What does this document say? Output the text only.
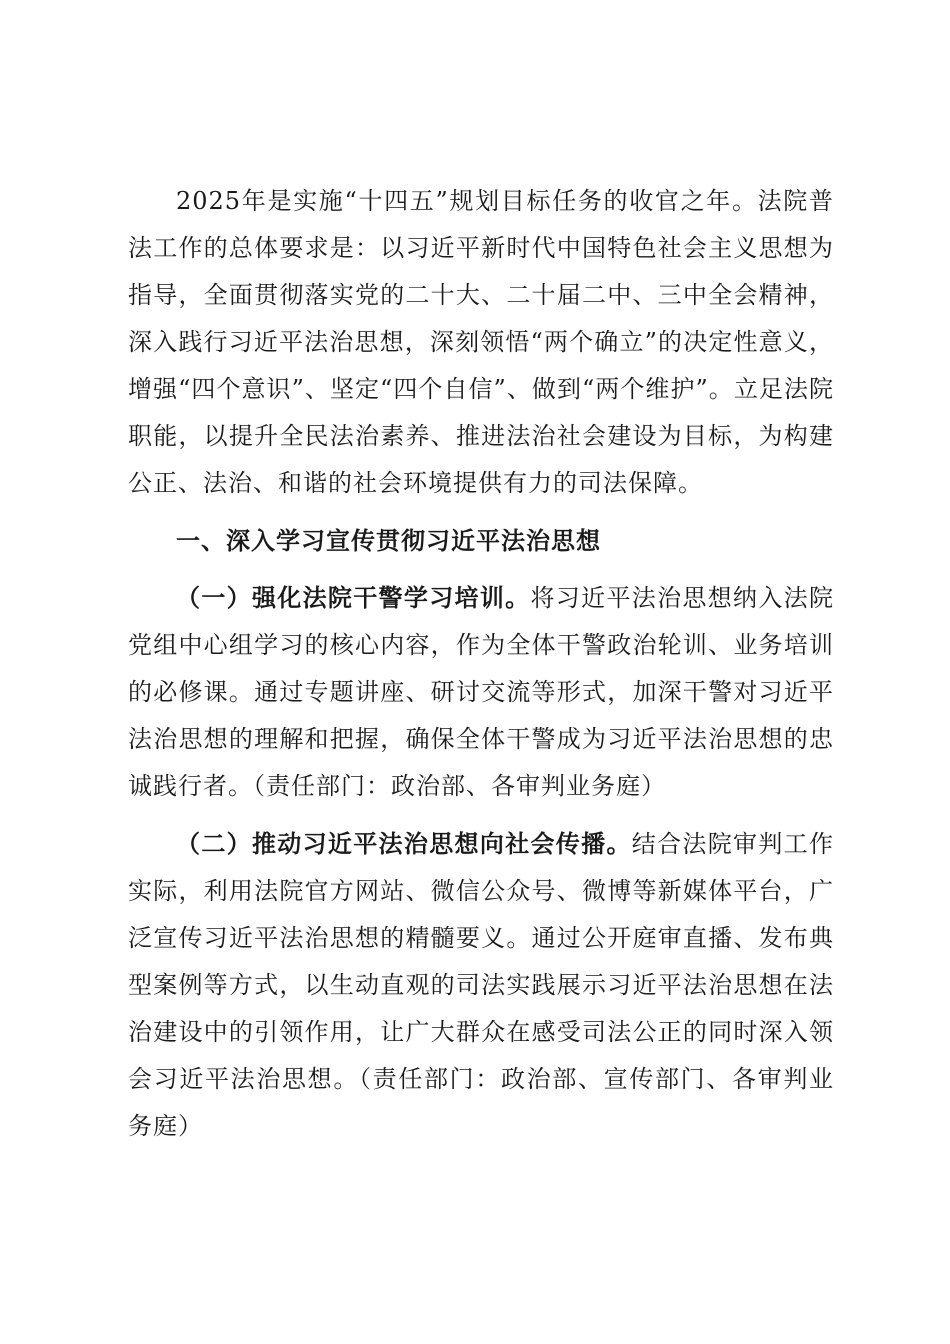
2025年是实施“十四五”规划目标任务的收官之年。法院普法工作的总体要求是：以习近平新时代中国特色社会主义思想为指导，全面贯彻落实党的二十大、二十届二中、三中全会精神，深入践行习近平法治思想，深刻领悟“两个确立”的决定性意义，增强“四个意识”、坚定“四个自信”、做到“两个维护”。立足法院职能，以提升全民法治素养、推进法治社会建设为目标，为构建公正、法治、和谐的社会环境提供有力的司法保障。

一、深入学习宣传贯彻习近平法治思想

（一）强化法院干警学习培训。将习近平法治思想纳入法院党组中心组学习的核心内容，作为全体干警政治轮训、业务培训的必修课。通过专题讲座、研讨交流等形式，加深干警对习近平法治思想的理解和把握，确保全体干警成为习近平法治思想的忠诚践行者。（责任部门：政治部、各审判业务庭）

（二）推动习近平法治思想向社会传播。结合法院审判工作实际，利用法院官方网站、微信公众号、微博等新媒体平台，广泛宣传习近平法治思想的精髓要义。通过公开庭审直播、发布典型案例等方式，以生动直观的司法实践展示习近平法治思想在法治建设中的引领作用，让广大群众在感受司法公正的同时深入领会习近平法治思想。（责任部门：政治部、宣传部门、各审判业务庭）
